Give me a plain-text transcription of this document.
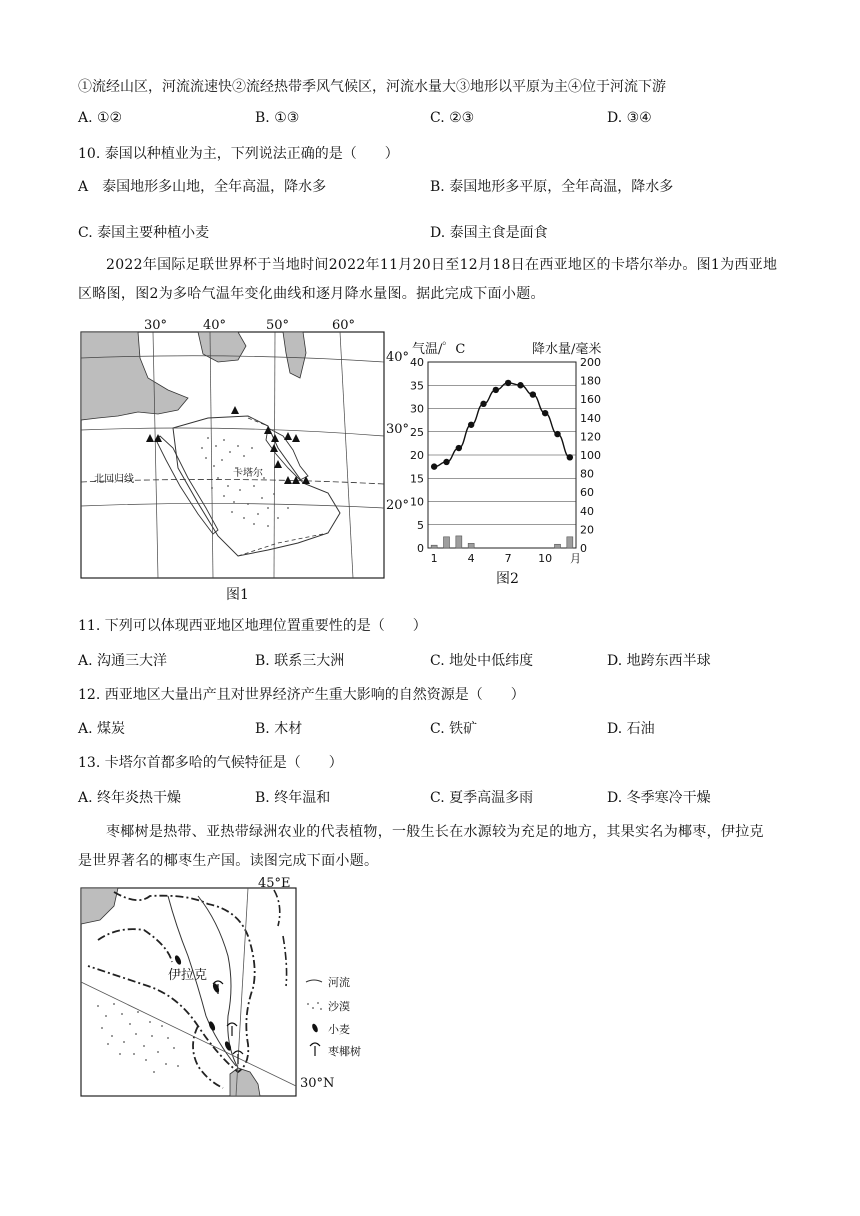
①流经山区，河流流速快②流经热带季风气候区，河流水量大③地形以平原为主④位于河流下游
A. ①②	B. ①③	C. ②③	D. ③④
10. 泰国以种植业为主，下列说法正确的是（　　）
A　泰国地形多山地，全年高温，降水多	B. 泰国地形多平原，全年高温，降水多
C. 泰国主要种植小麦	D. 泰国主食是面食
2022年国际足联世界杯于当地时间2022年11月20日至12月18日在西亚地区的卡塔尔举办。图1为西亚地区略图，图2为多哈气温年变化曲线和逐月降水量图。据此完成下面小题。
30°	40°	50°	60°
40°
30°
20°
卡塔尔
北回归线
图1
气温/゜C	降水量/毫米
0
5
10
15
20
25
30
35
40
0
20
40
60
80
100
120
140
160
180
200
1	4	7 10 月
图2
11. 下列可以体现西亚地区地理位置重要性的是（　　）
A. 沟通三大洋	B. 联系三大洲	C. 地处中低纬度	D. 地跨东西半球
12. 西亚地区大量出产且对世界经济产生重大影响的自然资源是（　　）
A. 煤炭	B. 木材	C. 铁矿	D. 石油
13. 卡塔尔首都多哈的气候特征是（　　）
A. 终年炎热干燥	B. 终年温和	C. 夏季高温多雨	D. 冬季寒冷干燥
枣椰树是热带、亚热带绿洲农业的代表植物，一般生长在水源较为充足的地方，其果实名为椰枣，伊拉克是世界著名的椰枣生产国。读图完成下面小题。
45°E
30°N
伊拉克	河流
沙漠
小麦
枣椰树
